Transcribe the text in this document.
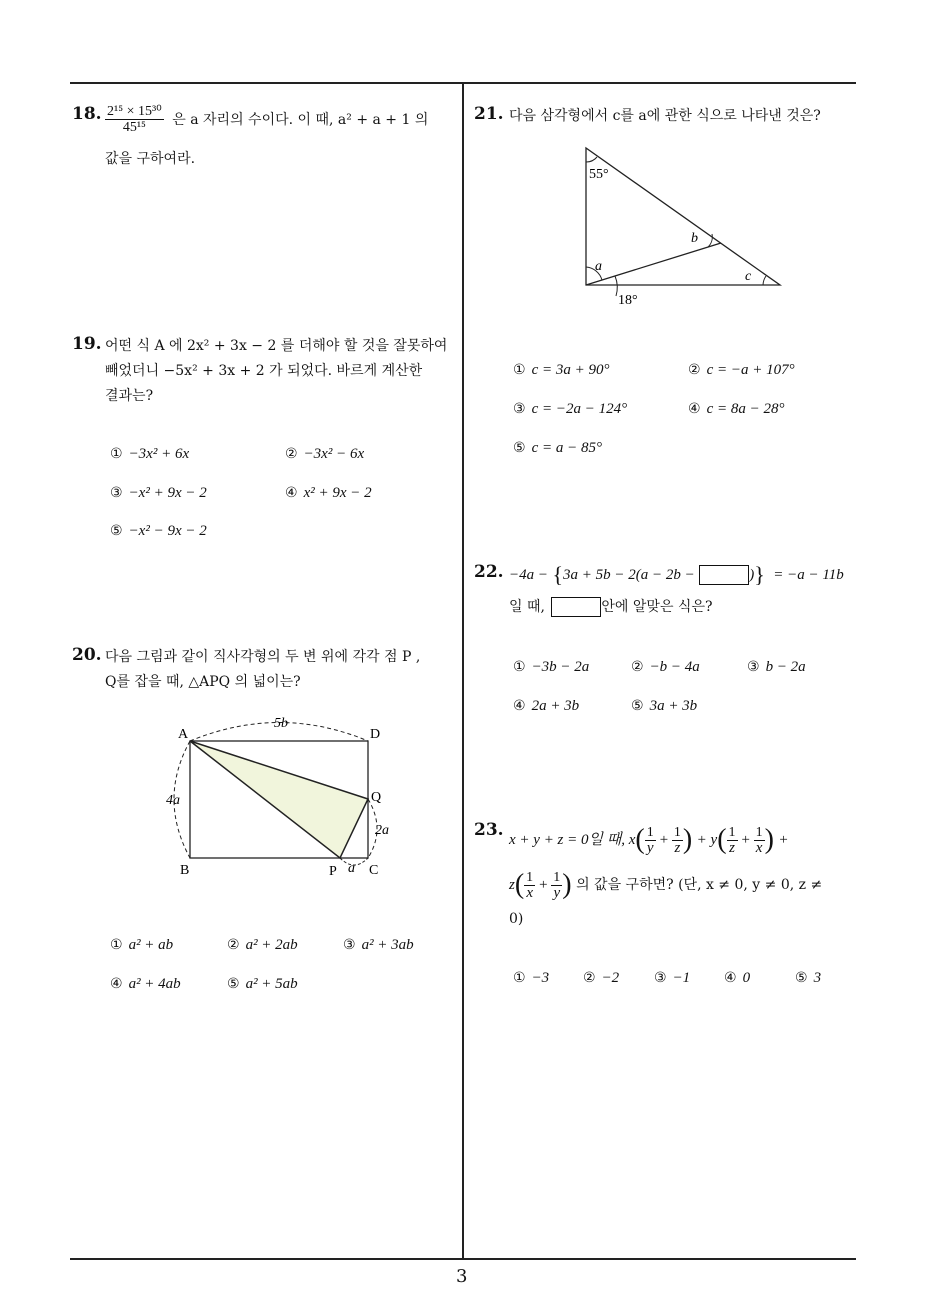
3
18. $\frac{\text{2¹⁵ × 15³⁰}}{\text{45¹⁵}}$ 은 a 자리의 수이다. 이 때, a² + a + 1 의
값을 구하여라.
19. 어떤 식 A 에 2x² + 3x − 2 를 더해야 할 것을 잘못하여
빼었더니 −5x² + 3x + 2 가 되었다. 바르게 계산한
결과는?
① −3x² + 6x	② −3x² − 6x
③ −x² + 9x − 2	④ x² + 9x − 2
⑤ −x² − 9x − 2
20. 다음 그림과 같이 직사각형의 두 변 위에 각각 점 P ,
Q를 잡을 때, △APQ 의 넓이는?
A	D
B	C
P
Q
5b
4a
2a
a
① a² + ab	② a² + 2ab	③ a² + 3ab
④ a² + 4ab	⑤ a² + 5ab
21. 다음 삼각형에서 c를 a에 관한 식으로 나타낸 것은?
55°
a
b
c
18°
① c = 3a + 90°	② c = −a + 107°
③ c = −2a − 124°	④ c = 8a − 28°
⑤ c = a − 85°
22. −4a − {3a + 5b − 2(a − 2b −	)} = −a − 11b
일 때,	안에 알맞은 식은?
① −3b − 2a	② −b − 4a	③ b − 2a
④ 2a + 3b	⑤ 3a + 3b
23. x + y + z = 0일 때, $x( \frac{1}{y} + \frac{1}{z}$ ) + $y( \frac{1}{z} + \frac{1}{x}$ ) +
$z( \frac{1}{x} + \frac{1}{y}$ ) 의 값을 구하면? (단, x ≠ 0, y ≠ 0, z ≠
0)
① −3 ② −2 ③ −1 ④ 0	⑤ 3
